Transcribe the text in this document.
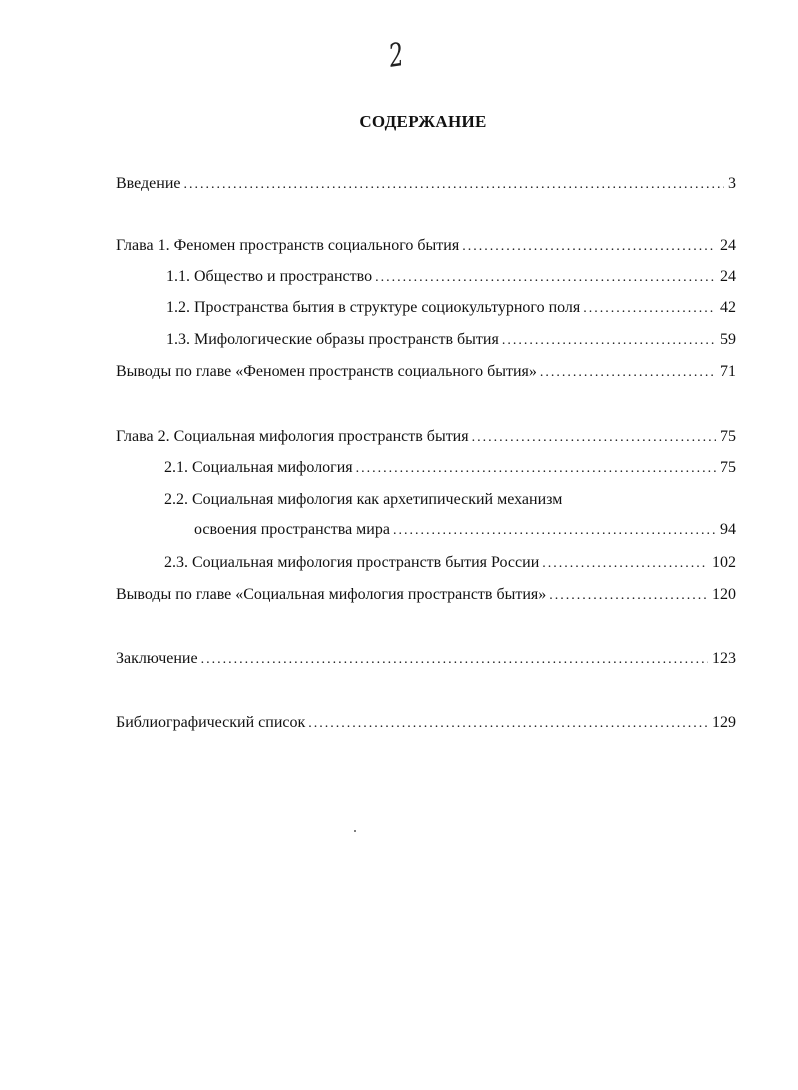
2
СОДЕРЖАНИЕ
Введение .....	3
Глава 1. Феномен пространств социального бытия .....	24
1.1. Общество и пространство .....	24
1.2. Пространства бытия в структуре социокультурного поля .....	42
1.3. Мифологические образы пространств бытия .....	59
Выводы по главе «Феномен пространств социального бытия» .....	71
Глава 2. Социальная мифология пространств бытия .....	75
2.1. Социальная мифология .....	75
2.2. Социальная мифология как архетипический механизм
освоения пространства мира .....	94
2.3. Социальная мифология пространств бытия России .....	102
Выводы по главе «Социальная мифология пространств бытия» .....	120
Заключение .....	123
Библиографический список .....	129
